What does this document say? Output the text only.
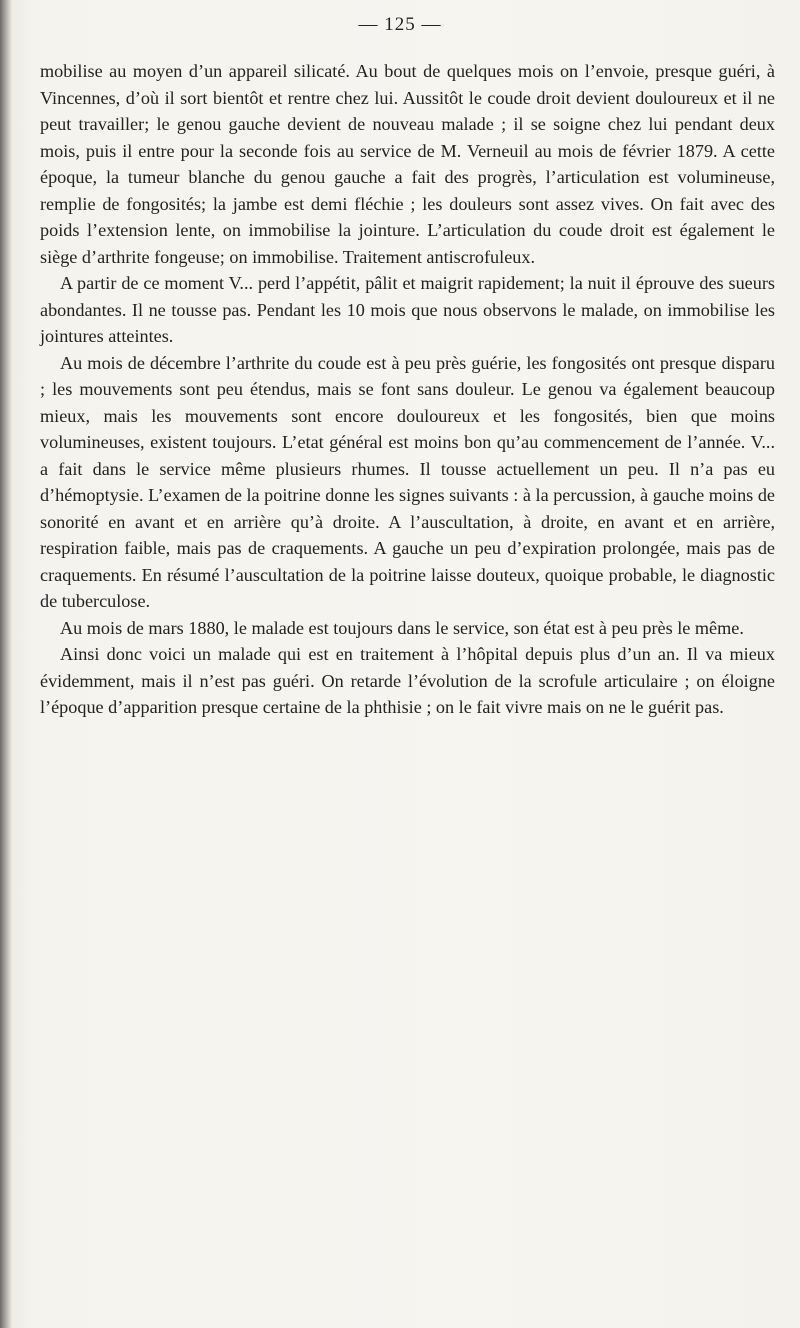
— 125 —

mobilise au moyen d’un appareil silicaté. Au bout de quelques mois on l’envoie, presque guéri, à Vincennes, d’où il sort bientôt et rentre chez lui. Aussitôt le coude droit devient douloureux et il ne peut travailler; le genou gauche devient de nouveau malade ; il se soigne chez lui pendant deux mois, puis il entre pour la seconde fois au service de M. Verneuil au mois de février 1879. A cette époque, la tumeur blanche du genou gauche a fait des progrès, l’articulation est volumineuse, remplie de fongosités; la jambe est demi fléchie ; les douleurs sont assez vives. On fait avec des poids l’extension lente, on immobilise la jointure. L’articulation du coude droit est également le siège d’arthrite fongeuse; on immobilise. Traitement antiscrofuleux.

A partir de ce moment V... perd l’appétit, pâlit et maigrit rapidement; la nuit il éprouve des sueurs abondantes. Il ne tousse pas. Pendant les 10 mois que nous observons le malade, on immobilise les jointures atteintes.

Au mois de décembre l’arthrite du coude est à peu près guérie, les fongosités ont presque disparu ; les mouvements sont peu étendus, mais se font sans douleur. Le genou va également beaucoup mieux, mais les mouvements sont encore douloureux et les fongosités, bien que moins volumineuses, existent toujours. L’etat général est moins bon qu’au commencement de l’année. V... a fait dans le service même plusieurs rhumes. Il tousse actuellement un peu. Il n’a pas eu d’hémoptysie. L’examen de la poitrine donne les signes suivants : à la percussion, à gauche moins de sonorité en avant et en arrière qu’à droite. A l’auscultation, à droite, en avant et en arrière, respiration faible, mais pas de craquements. A gauche un peu d’expiration prolongée, mais pas de craquements. En résumé l’auscultation de la poitrine laisse douteux, quoique probable, le diagnostic de tuberculose.

Au mois de mars 1880, le malade est toujours dans le service, son état est à peu près le même.

Ainsi donc voici un malade qui est en traitement à l’hôpital depuis plus d’un an. Il va mieux évidemment, mais il n’est pas guéri. On retarde l’évolution de la scrofule articulaire ; on éloigne l’époque d’apparition presque certaine de la phthisie ; on le fait vivre mais on ne le guérit pas.
